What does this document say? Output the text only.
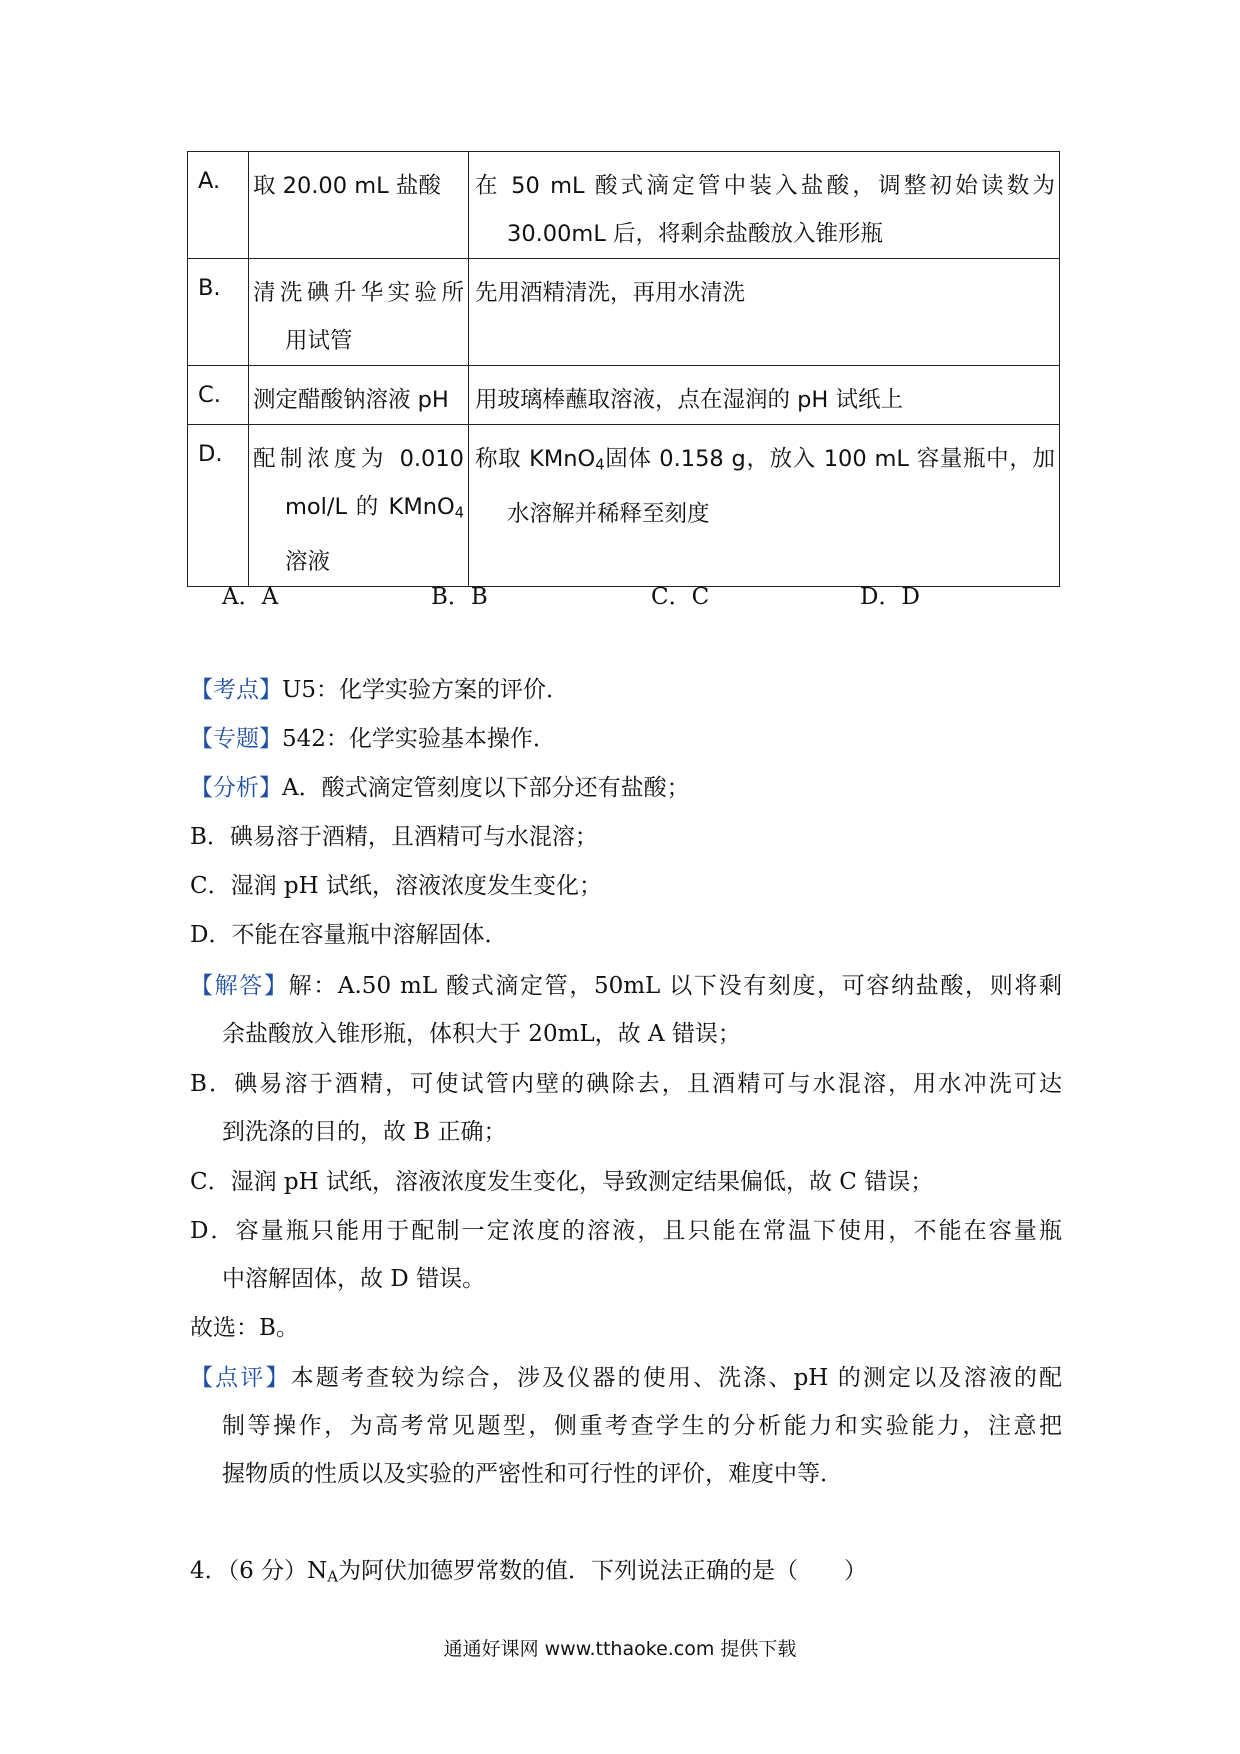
A.	取 20.00 mL 盐酸	在 50 mL 酸式滴定管中装入盐酸，调整初始读数为
30.00mL 后，将剩余盐酸放入锥形瓶

B.	清洗碘升华实验所
用试管	先用酒精清洗，再用水清洗
C.	测定醋酸钠溶液 pH	用玻璃棒蘸取溶液，点在湿润的 pH 试纸上
D.	配制浓度为 0.010
mol/L 的 KMnO$_4$
溶液	称取 KMnO$_4$固体 0.158 g，放入 100 mL 容量瓶中，加
水溶解并稀释至刻度
A．A	B．B	C．C	D．D
【考点】U5：化学实验方案的评价．
【专题】542：化学实验基本操作．
【分析】A．酸式滴定管刻度以下部分还有盐酸；
B．碘易溶于酒精，且酒精可与水混溶；
C．湿润 pH 试纸，溶液浓度发生变化；
D．不能在容量瓶中溶解固体．
【解答】解：A.50 mL 酸式滴定管，50mL 以下没有刻度，可容纳盐酸，则将剩
余盐酸放入锥形瓶，体积大于 20mL，故 A 错误；
B．碘易溶于酒精，可使试管内壁的碘除去，且酒精可与水混溶，用水冲洗可达
到洗涤的目的，故 B 正确；
C．湿润 pH 试纸，溶液浓度发生变化，导致测定结果偏低，故 C 错误；
D．容量瓶只能用于配制一定浓度的溶液，且只能在常温下使用，不能在容量瓶
中溶解固体，故 D 错误。
故选：B。
【点评】本题考查较为综合，涉及仪器的使用、洗涤、pH 的测定以及溶液的配
制等操作，为高考常见题型，侧重考查学生的分析能力和实验能力，注意把
握物质的性质以及实验的严密性和可行性的评价，难度中等．
4．（6 分）$N_A$为阿伏加德罗常数的值．下列说法正确的是（　　）
通通好课网 www.tthaoke.com 提供下载
